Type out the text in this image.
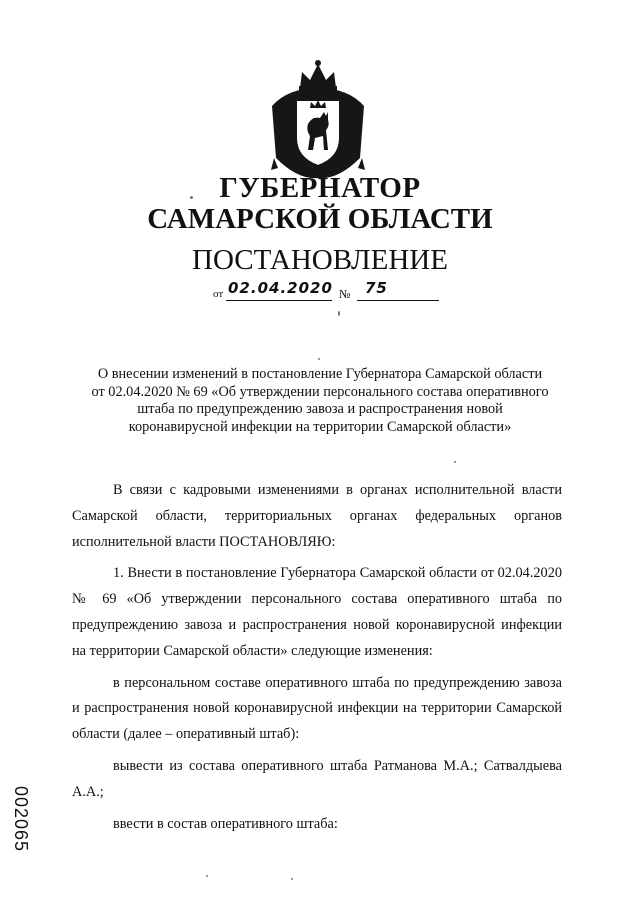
ГУБЕРНАТОР
САМАРСКОЙ ОБЛАСТИ
ПОСТАНОВЛЕНИЕ
от 02.04.2020 № 75

О внесении изменений в постановление Губернатора Самарской области
от 02.04.2020 № 69 «Об утверждении персонального состава оперативного
штаба по предупреждению завоза и распространения новой
коронавирусной инфекции на территории Самарской области»

В связи с кадровыми изменениями в органах исполнительной власти Самарской области, территориальных органах федеральных органов исполнительной власти ПОСТАНОВЛЯЮ:

1. Внести в постановление Губернатора Самарской области от 02.04.2020 № 69 «Об утверждении персонального состава оперативного штаба по предупреждению завоза и распространения новой коронавирусной инфекции на территории Самарской области» следующие изменения:

в персональном составе оперативного штаба по предупреждению завоза и распространения новой коронавирусной инфекции на территории Самарской области (далее – оперативный штаб):

вывести из состава оперативного штаба Ратманова М.А.; Сатвалдыева А.А.;

ввести в состав оперативного штаба:

002065
